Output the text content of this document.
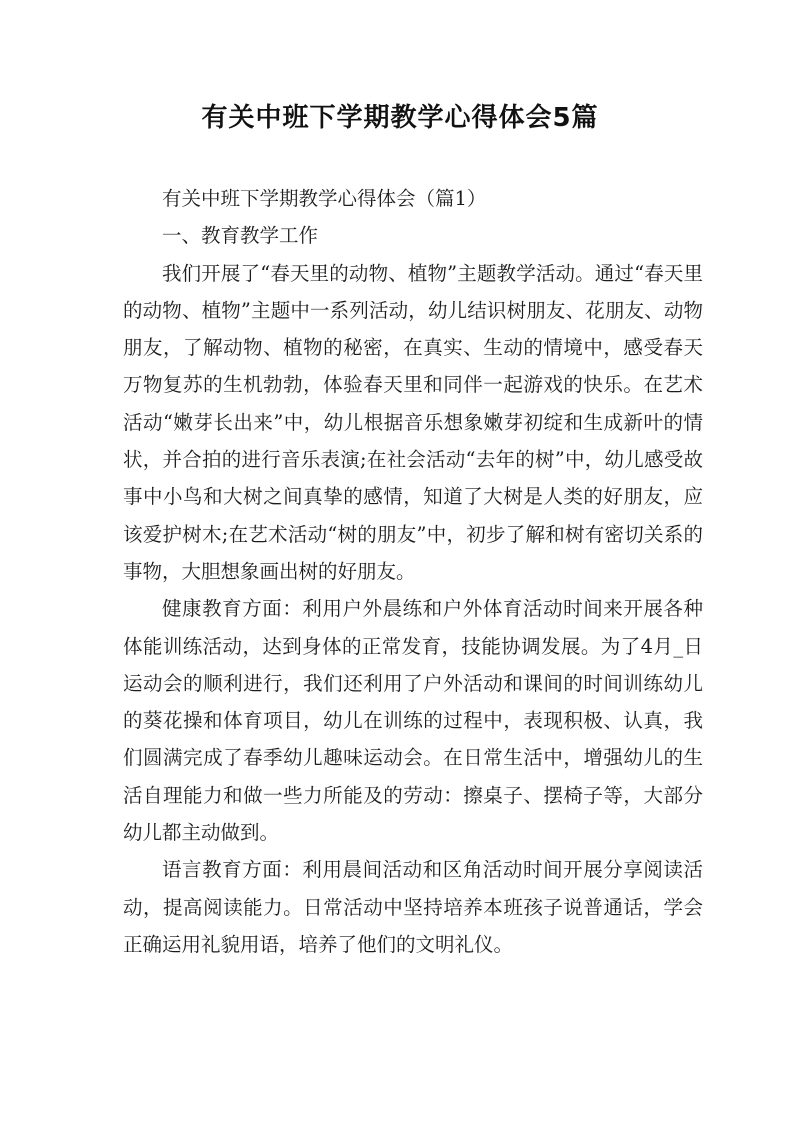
有关中班下学期教学心得体会5篇

有关中班下学期教学心得体会（篇1）

一、教育教学工作

我们开展了“春天里的动物、植物”主题教学活动。通过“春天里的动物、植物”主题中一系列活动，幼儿结识树朋友、花朋友、动物朋友，了解动物、植物的秘密，在真实、生动的情境中，感受春天万物复苏的生机勃勃，体验春天里和同伴一起游戏的快乐。在艺术活动“嫩芽长出来”中，幼儿根据音乐想象嫩芽初绽和生成新叶的情状，并合拍的进行音乐表演;在社会活动“去年的树”中，幼儿感受故事中小鸟和大树之间真挚的感情，知道了大树是人类的好朋友，应该爱护树木;在艺术活动“树的朋友”中，初步了解和树有密切关系的事物，大胆想象画出树的好朋友。

健康教育方面：利用户外晨练和户外体育活动时间来开展各种体能训练活动，达到身体的正常发育，技能协调发展。为了4月_日运动会的顺利进行，我们还利用了户外活动和课间的时间训练幼儿的葵花操和体育项目，幼儿在训练的过程中，表现积极、认真，我们圆满完成了春季幼儿趣味运动会。在日常生活中，增强幼儿的生活自理能力和做一些力所能及的劳动：擦桌子、摆椅子等，大部分幼儿都主动做到。

语言教育方面：利用晨间活动和区角活动时间开展分享阅读活动，提高阅读能力。日常活动中坚持培养本班孩子说普通话，学会正确运用礼貌用语，培养了他们的文明礼仪。
